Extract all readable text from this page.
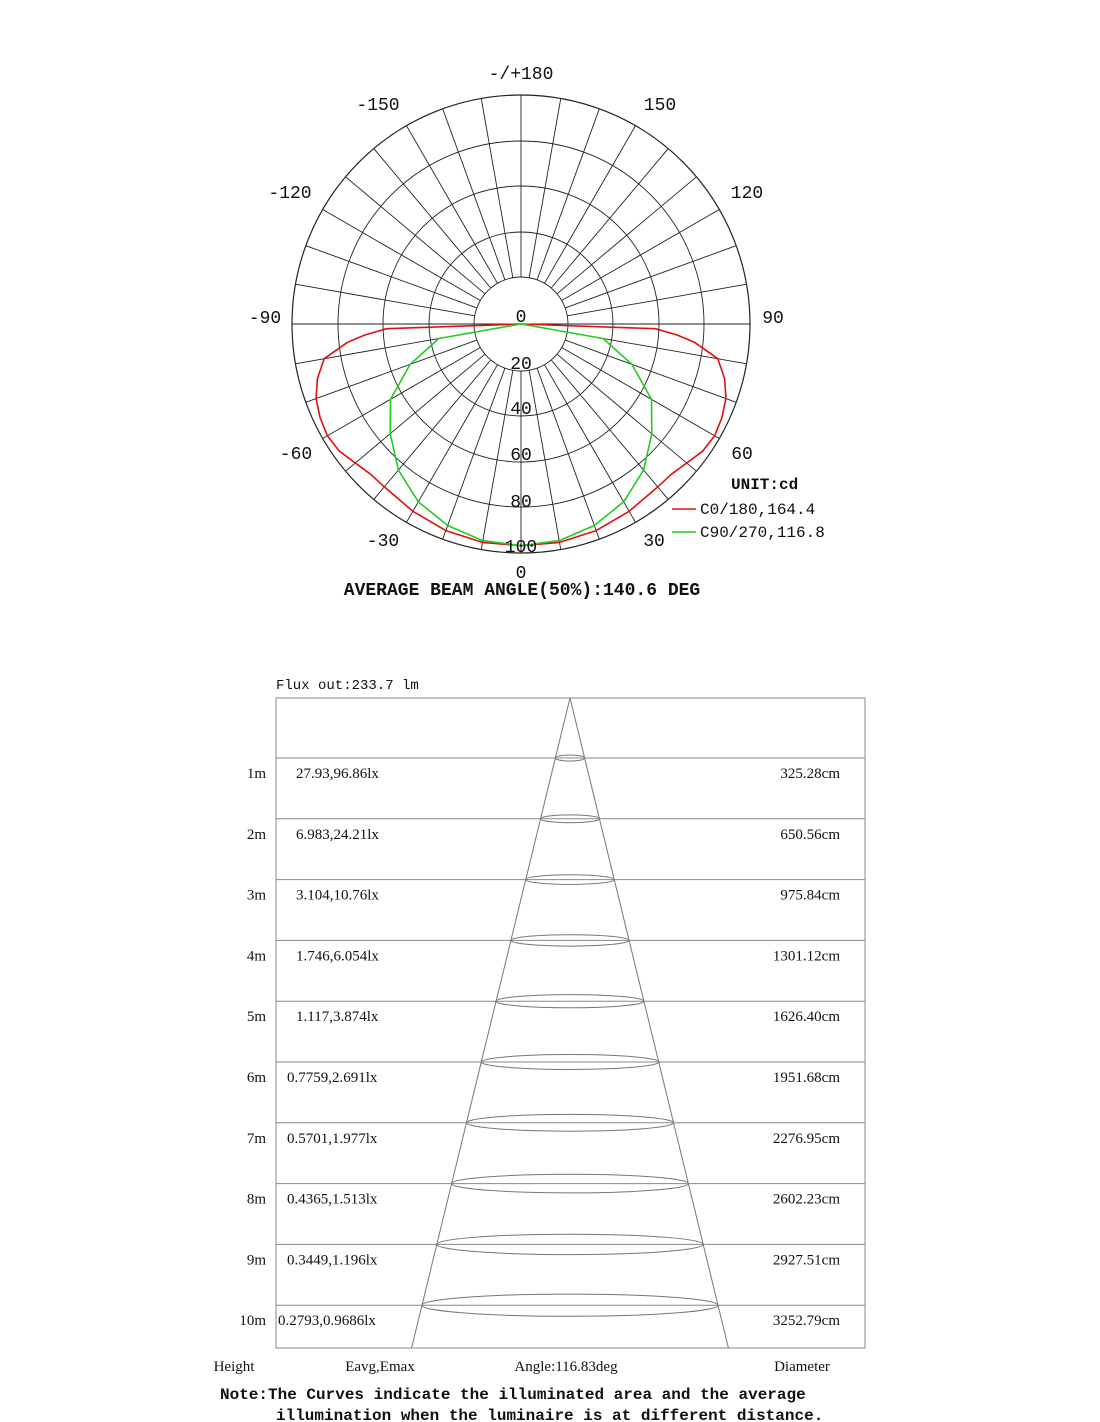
-/+180
-150	150
-120	120
-90	90
-60	60
-30	30
0
0
20
40
60
80
100
UNIT:cd
C0/180,164.4
C90/270,116.8
AVERAGE BEAM ANGLE(50%):140.6 DEG
Flux out:233.7 lm
1m 27.93,96.86lx	325.28cm
2m 6.983,24.21lx	650.56cm
3m 3.104,10.76lx	975.84cm
4m 1.746,6.054lx	1301.12cm
5m 1.117,3.874lx	1626.40cm
6m 0.7759,2.691lx	1951.68cm
7m 0.5701,1.977lx	2276.95cm
8m 0.4365,1.513lx	2602.23cm
9m 0.3449,1.196lx	2927.51cm
10m 0.2793,0.9686lx	3252.79cm
Height	Eavg,Emax	Angle:116.83deg	Diameter
Note:The Curves indicate the illuminated area and the average
illumination when the luminaire is at different distance.
